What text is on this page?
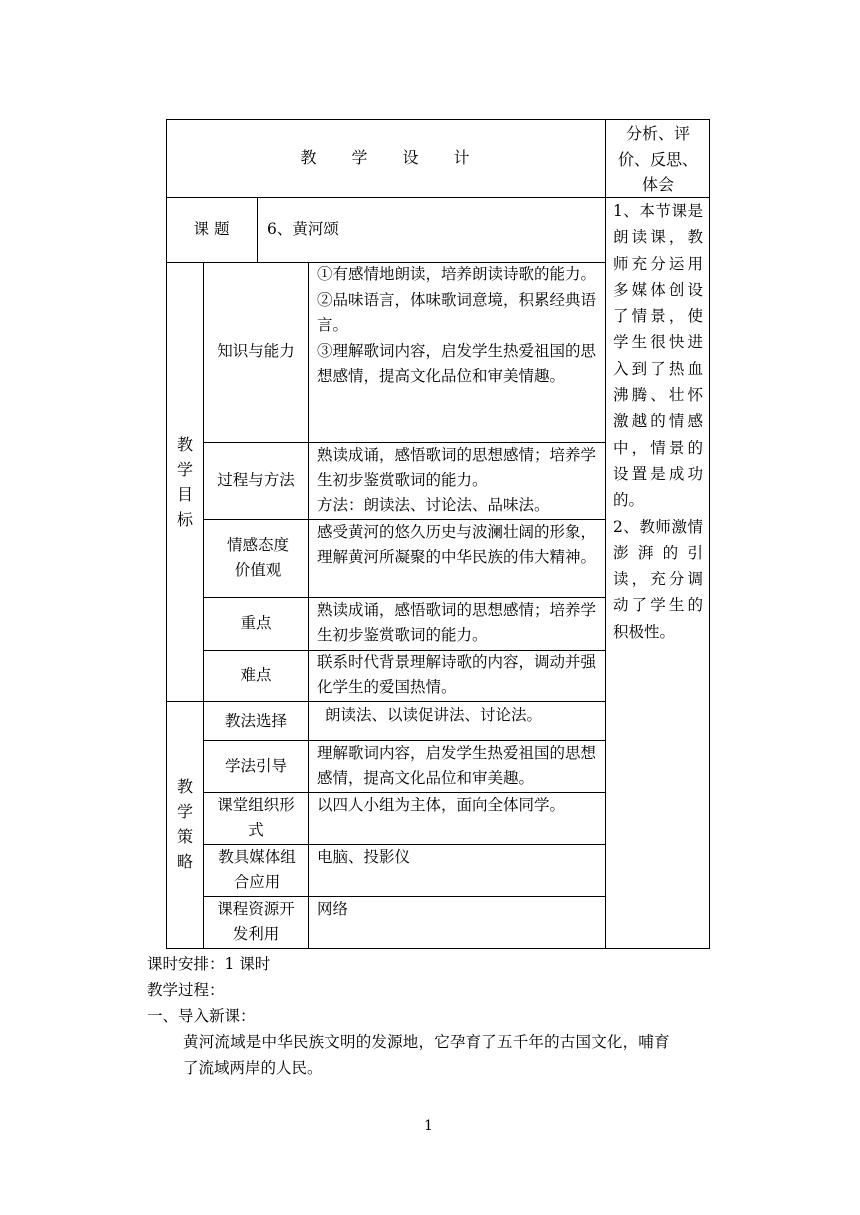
教　　学　　设　　计
分析、评价、反思、体会
课 题	6、黄河颂
教学目标
知识与能力
①有感情地朗读，培养朗读诗歌的能力。
②品味语言，体味歌词意境，积累经典语言。
③理解歌词内容，启发学生热爱祖国的思想感情，提高文化品位和审美情趣。
过程与方法
熟读成诵，感悟歌词的思想感情；培养学生初步鉴赏歌词的能力。
方法：朗读法、讨论法、品味法。
情感态度价值观
感受黄河的悠久历史与波澜壮阔的形象，理解黄河所凝聚的中华民族的伟大精神。
重点
熟读成诵，感悟歌词的思想感情；培养学生初步鉴赏歌词的能力。
难点
联系时代背景理解诗歌的内容，调动并强化学生的爱国热情。
教学策略
教法选择	朗读法、以读促讲法、讨论法。
学法引导
理解歌词内容，启发学生热爱祖国的思想感情，提高文化品位和审美趣。
课堂组织形式
以四人小组为主体，面向全体同学。
教具媒体组合应用
电脑、投影仪
课程资源开发利用
网络
1、本节课是朗读课，教师充分运用多媒体创设了情景，使学生很快进入到了热血沸腾、壮怀激越的情感中，情景的设置是成功的。
2、教师激情澎湃的引读，充分调动了学生的积极性。
课时安排：1 课时
教学过程：
一、导入新课：
黄河流域是中华民族文明的发源地，它孕育了五千年的古国文化，哺育
了流域两岸的人民。
1
